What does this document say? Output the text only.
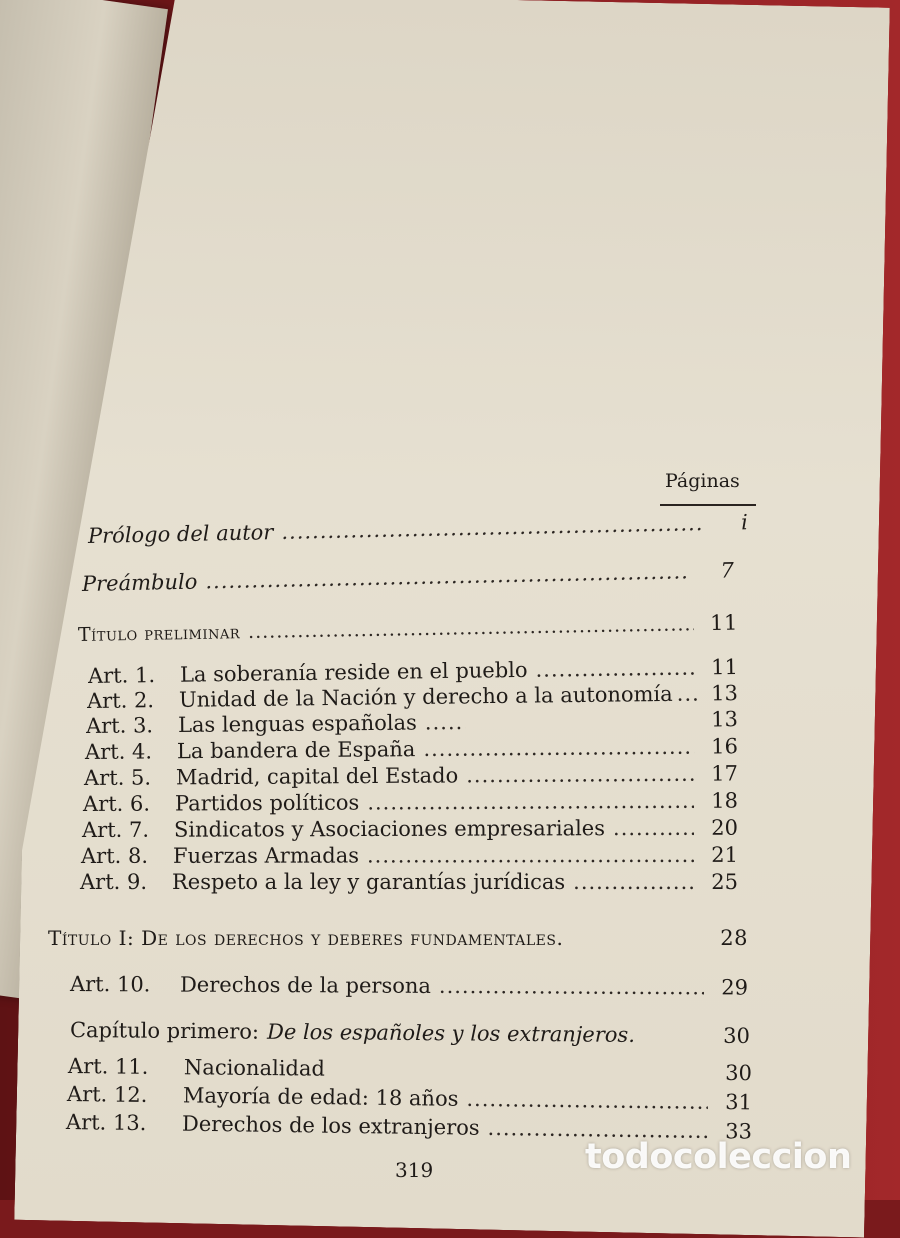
Páginas
Prólogo del autor .....	i
Preámbulo .....	7
Título preliminar .....	11
Art. 1.	La soberanía reside en el pueblo .....	11
Art. 2.	Unidad de la Nación y derecho a la autonomía .....	13
Art. 3.	Las lenguas españolas .....	13
Art. 4.	La bandera de España .....	16
Art. 5.	Madrid, capital del Estado .....	17
Art. 6.	Partidos políticos .....	18
Art. 7.	Sindicatos y Asociaciones empresariales .....	20
Art. 8.	Fuerzas Armadas .....	21
Art. 9.	Respeto a la ley y garantías jurídicas .....	25
Título I: De los derechos y deberes fundamentales.	28
Art. 10.	Derechos de la persona .....	29
Capítulo primero: De los españoles y los extranjeros.	30
Art. 11.	Nacionalidad	30
Art. 12.	Mayoría de edad: 18 años .....	31
Art. 13.	Derechos de los extranjeros .....	33
319	todocoleccion
